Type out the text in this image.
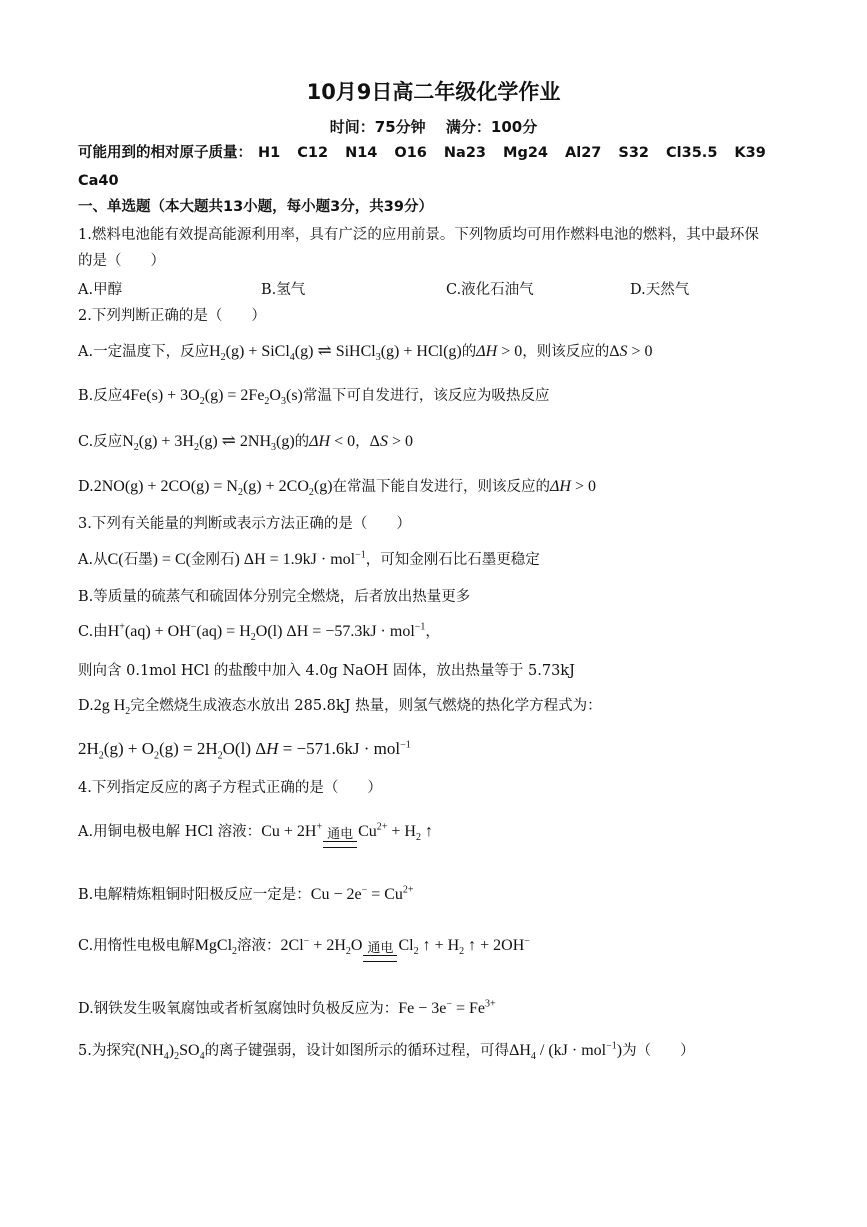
10月9日高二年级化学作业
时间：75分钟　 满分：100分
可能用到的相对原子质量： H1 C12 N14 O16 Na23 Mg24 Al27 S32 Cl35.5 K39
Ca40
一、单选题（本大题共13小题，每小题3分，共39分）
1.燃料电池能有效提高能源利用率，具有广泛的应用前景。下列物质均可用作燃料电池的燃料，其中最环保
的是（　　）
A.甲醇	B.氢气	C.液化石油气	D.天然气
2.下列判断正确的是（　　）
A.一定温度下，反应$H_2(g)$ + SiCl$_4$(g) ⇌ SiHCl$_3$(g) + HCl(g)的ΔH > 0，则该反应的ΔS > 0
B.反应$4Fe(s) + 3O_2(g) = 2Fe_2O_3(s)$常温下可自发进行，该反应为吸热反应
C.反应$N_2(g) + 3H_2(g)$ ⇌ $2NH_3(g)$的ΔH < 0，ΔS > 0
$D.2NO(g) + 2CO(g) = N_2(g) + 2CO_2(g)$在常温下能自发进行，则该反应的ΔH > 0
3.下列有关能量的判断或表示方法正确的是（　　）
A.从C(石墨) = C(金刚石) ΔH = 1.9kJ · mol$^{-1}$，可知金刚石比石墨更稳定
B.等质量的硫蒸气和硫固体分别完全燃烧，后者放出热量更多
C.由$H^+(aq) + OH^-(aq) = H_2O(l) \Delta H = -57.3kJ \cdot mol^{-1}$，
则向含 0.1mol HCl 的盐酸中加入 4.0g NaOH 固体，放出热量等于 5.73kJ
D.2g $H_2$完全燃烧生成液态水放出 285.8kJ 热量，则氢气燃烧的热化学方程式为：
$2H_2(g) + O_2(g) = 2H_2O(l) \Delta H = -571.6kJ \cdot mol^{-1}$
4.下列指定反应的离子方程式正确的是（　　）
A.用铜电极电解 HCl 溶液：Cu + 2H+ 通电 $Cu^{2+} + H_2$ ↑
B.电解精炼粗铜时阳极反应一定是：$Cu - 2e^- = Cu^{2+}$
C.用惰性电极电解MgCl$_2$溶液：$2Cl^- + 2H_2O$ 通电 $Cl_2$ ↑ + $H_2$ ↑ + 2OH−
D.钢铁发生吸氧腐蚀或者析氢腐蚀时负极反应为：$Fe - 3e^- = Fe^{3+}$
5.为探究$(NH_4)_2SO_4$的离子键强弱，设计如图所示的循环过程，可得$\Delta H_4 / (kJ \cdot mol^{-1})$为（　　）
